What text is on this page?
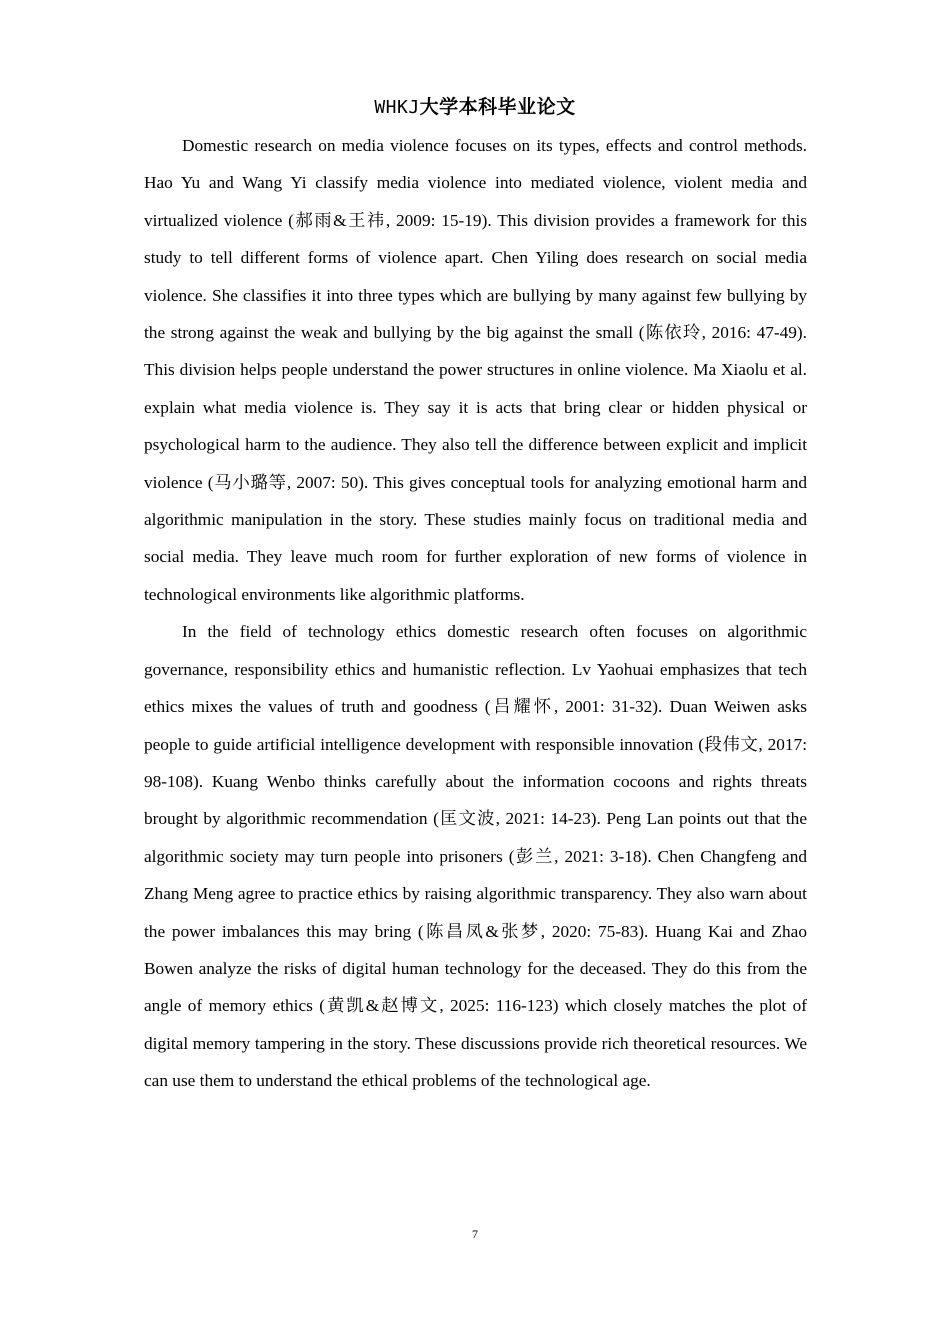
WHKJ大学本科毕业论文

Domestic research on media violence focuses on its types, effects and control methods. Hao Yu and Wang Yi classify media violence into mediated violence, violent media and virtualized violence (郝雨&王祎, 2009: 15-19). This division provides a framework for this study to tell different forms of violence apart. Chen Yiling does research on social media violence. She classifies it into three types which are bullying by many against few bullying by the strong against the weak and bullying by the big against the small (陈依玲, 2016: 47-49). This division helps people understand the power structures in online violence. Ma Xiaolu et al. explain what media violence is. They say it is acts that bring clear or hidden physical or psychological harm to the audience. They also tell the difference between explicit and implicit violence (马小璐等, 2007: 50). This gives conceptual tools for analyzing emotional harm and algorithmic manipulation in the story. These studies mainly focus on traditional media and social media. They leave much room for further exploration of new forms of violence in technological environments like algorithmic platforms.

In the field of technology ethics domestic research often focuses on algorithmic governance, responsibility ethics and humanistic reflection. Lv Yaohuai emphasizes that tech ethics mixes the values of truth and goodness (吕耀怀, 2001: 31-32). Duan Weiwen asks people to guide artificial intelligence development with responsible innovation (段伟文, 2017: 98-108). Kuang Wenbo thinks carefully about the information cocoons and rights threats brought by algorithmic recommendation (匡文波, 2021: 14-23). Peng Lan points out that the algorithmic society may turn people into prisoners (彭兰, 2021: 3-18). Chen Changfeng and Zhang Meng agree to practice ethics by raising algorithmic transparency. They also warn about the power imbalances this may bring (陈昌凤&张梦, 2020: 75-83). Huang Kai and Zhao Bowen analyze the risks of digital human technology for the deceased. They do this from the angle of memory ethics (黄凯&赵博文, 2025: 116-123) which closely matches the plot of digital memory tampering in the story. These discussions provide rich theoretical resources. We can use them to understand the ethical problems of the technological age.

7
